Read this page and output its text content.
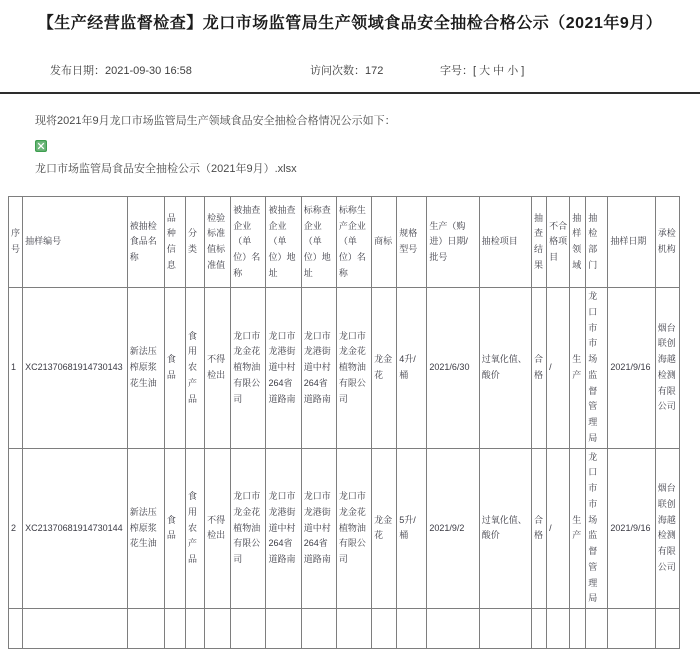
【生产经营监督检查】龙口市场监管局生产领域食品安全抽检合格公示（2021年9月）
发布日期：2021-09-30 16:58	访问次数：172	字号：[ 大 中 小 ]

现将2021年9月龙口市场监管局生产领域食品安全抽检合格情况公示如下：

龙口市场监管局食品安全抽检公示（2021年9月）.xlsx
序号	抽样编号	被抽检食品名称	品种信息	分类	检验标准值标准值	被抽查企业（单位）名称	被抽查企业（单位）地址	标称查企业（单位）地址	标称生产企业（单位）名称	商标	规格型号	生产（购进）日期/批号	抽检项目	抽查结果	不合格项目	抽样领域	抽检部门	抽样日期	承检机构
1	XC21370681914730143	新法压榨原浆花生油	食品	食用农产品	不得检出	龙口市龙金花植物油有限公司	龙口市龙港街道中村264省道路南	龙口市龙港街道中村264省道路南	龙口市龙金花植物油有限公司	龙金花	4升/桶	2021/6/30	过氧化值、酸价	合格	/	生产	龙口市市场监督管理局	2021/9/16	烟台联创海越检测有限公司
2	XC21370681914730144	新法压榨原浆花生油	食品	食用农产品	不得检出	龙口市龙金花植物油有限公司	龙口市龙港街道中村264省道路南	龙口市龙港街道中村264省道路南	龙口市龙金花植物油有限公司	龙金花	5升/桶	2021/9/2	过氧化值、酸价	合格	/	生产	龙口市市场监督管理局	2021/9/16	烟台联创海越检测有限公司
